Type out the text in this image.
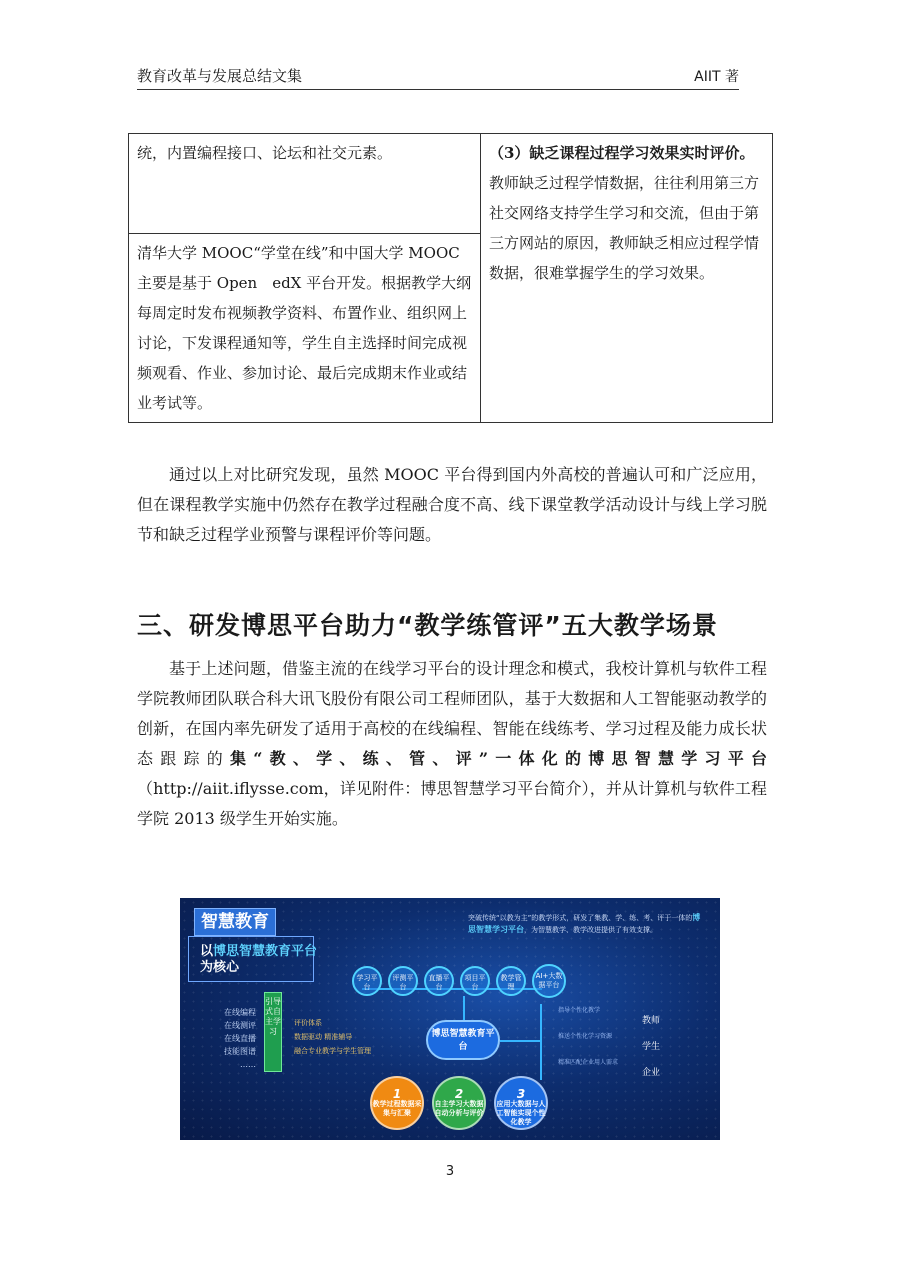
教育改革与发展总结文集	AIIT 著
统，内置编程接口、论坛和社交元素。	（3）缺乏课程过程学习效果实时评价。
教师缺乏过程学情数据，往往利用第三方社交网络支持学生学习和交流，但由于第三方网站的原因，教师缺乏相应过程学情数据，很难掌握学生的学习效果。

清华大学 MOOC“学堂在线”和中国大学 MOOC 主要是基于 Open　edX 平台开发。根据教学大纲每周定时发布视频教学资料、布置作业、组织网上讨论，下发课程通知等，学生自主选择时间完成视频观看、作业、参加讨论、最后完成期末作业或结业考试等。

通过以上对比研究发现，虽然 MOOC 平台得到国内外高校的普遍认可和广泛应用，但在课程教学实施中仍然存在教学过程融合度不高、线下课堂教学活动设计与线上学习脱节和缺乏过程学业预警与课程评价等问题。

三、研发博思平台助力“教学练管评”五大教学场景

基于上述问题，借鉴主流的在线学习平台的设计理念和模式，我校计算机与软件工程学院教师团队联合科大讯飞股份有限公司工程师团队，基于大数据和人工智能驱动教学的创新，在国内率先研发了适用于高校的在线编程、智能在线练考、学习过程及能力成长状态跟踪的集“教、学、练、管、评”一体化的博思智慧学习平台（http://aiit.iflysse.com，详见附件：博思智慧学习平台简介），并从计算机与软件工程学院 2013 级学生开始实施。

智慧教育
以博思智慧教育平台
为核心
突破传统“以教为主”的教学形式，研发了集教、学、练、考、评于一体的博思智慧学习平台，为智慧教学、教学改进提供了有效支撑。
学习平台
评测平台
直播平台
项目平台
教学管理
AI+大数据平台
在线编程
在线测评
在线直播
技能图谱
……
引导式自主学习
评价体系
数据驱动 精准辅导
融合专业教学与学生管理
博思智慧教育平台
指导个性化教学
推送个性化学习资源
精准匹配企业用人需求
教师
学生
企业
1
教学过程数据采集与汇聚
2
自主学习大数据自动分析与评价
3
应用大数据与人工智能实现个性化教学
3
